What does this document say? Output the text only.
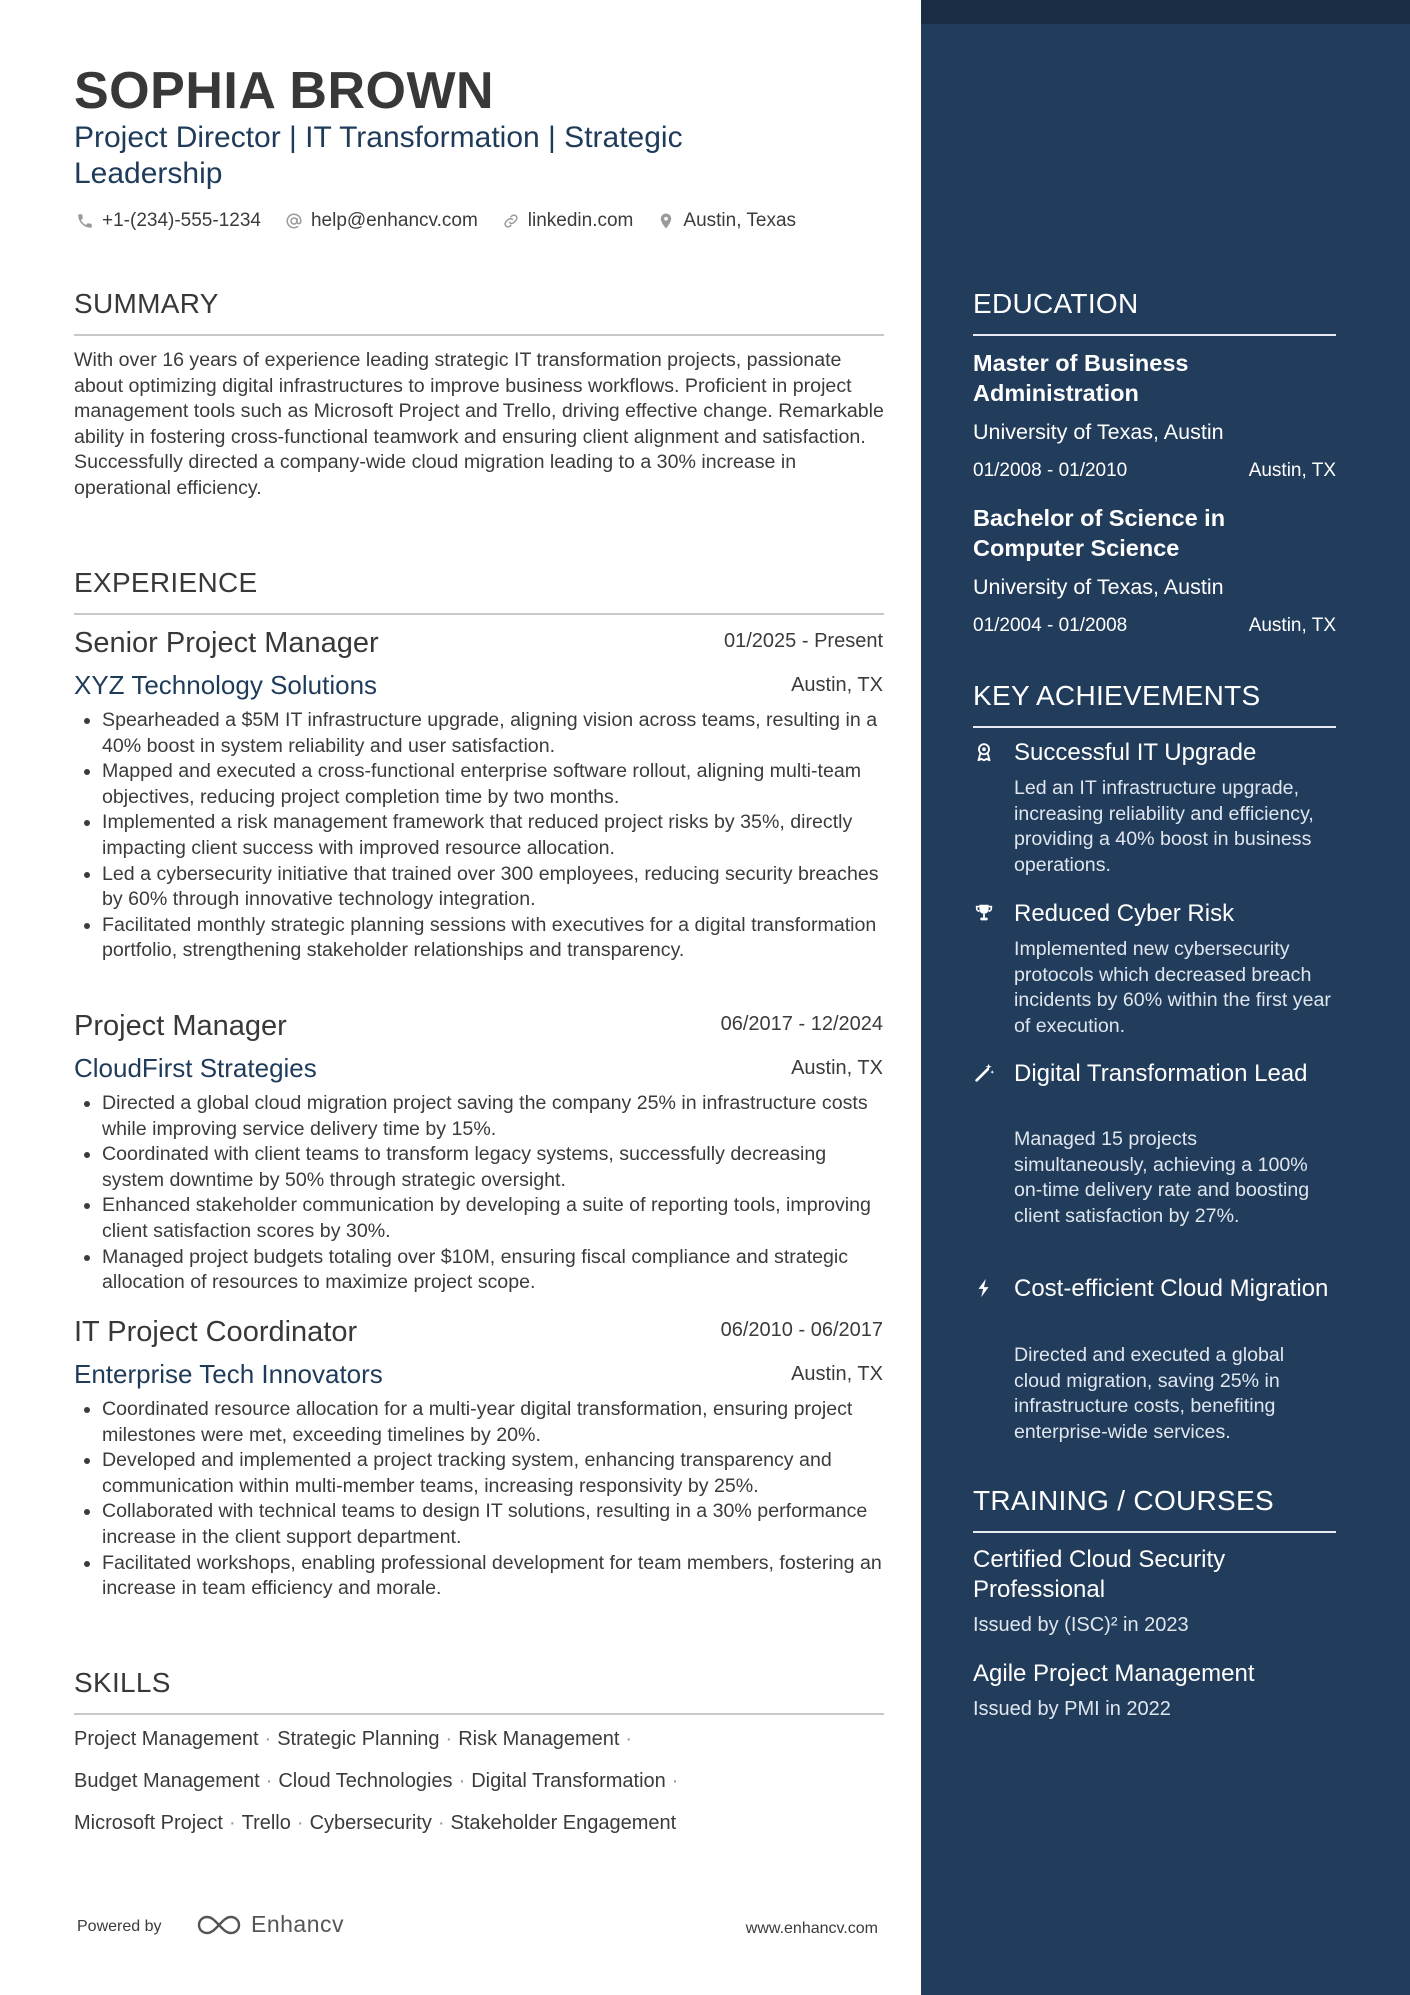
SOPHIA BROWN
Project Director | IT Transformation | Strategic Leadership
+1-(234)-555-1234	help@enhancv.com	linkedin.com	Austin, Texas
SUMMARY
With over 16 years of experience leading strategic IT transformation projects, passionate about optimizing digital infrastructures to improve business workflows. Proficient in project management tools such as Microsoft Project and Trello, driving effective change. Remarkable ability in fostering cross-functional teamwork and ensuring client alignment and satisfaction. Successfully directed a company-wide cloud migration leading to a 30% increase in operational efficiency.
EXPERIENCE
Senior Project Manager	01/2025 - Present
XYZ Technology Solutions	Austin, TX
Spearheaded a $5M IT infrastructure upgrade, aligning vision across teams, resulting in a 40% boost in system reliability and user satisfaction.
Mapped and executed a cross-functional enterprise software rollout, aligning multi-team objectives, reducing project completion time by two months.
Implemented a risk management framework that reduced project risks by 35%, directly impacting client success with improved resource allocation.
Led a cybersecurity initiative that trained over 300 employees, reducing security breaches by 60% through innovative technology integration.
Facilitated monthly strategic planning sessions with executives for a digital transformation portfolio, strengthening stakeholder relationships and transparency.
Project Manager	06/2017 - 12/2024
CloudFirst Strategies	Austin, TX
Directed a global cloud migration project saving the company 25% in infrastructure costs while improving service delivery time by 15%.
Coordinated with client teams to transform legacy systems, successfully decreasing system downtime by 50% through strategic oversight.
Enhanced stakeholder communication by developing a suite of reporting tools, improving client satisfaction scores by 30%.
Managed project budgets totaling over $10M, ensuring fiscal compliance and strategic allocation of resources to maximize project scope.
IT Project Coordinator	06/2010 - 06/2017
Enterprise Tech Innovators	Austin, TX
Coordinated resource allocation for a multi-year digital transformation, ensuring project milestones were met, exceeding timelines by 20%.
Developed and implemented a project tracking system, enhancing transparency and communication within multi-member teams, increasing responsivity by 25%.
Collaborated with technical teams to design IT solutions, resulting in a 30% performance increase in the client support department.
Facilitated workshops, enabling professional development for team members, fostering an increase in team efficiency and morale.
SKILLS
Project Management · Strategic Planning · Risk Management ·
Budget Management · Cloud Technologies · Digital Transformation ·
Microsoft Project · Trello · Cybersecurity · Stakeholder Engagement
Powered by	Enhancv	www.enhancv.com
EDUCATION
Master of Business Administration
University of Texas, Austin
01/2008 - 01/2010	Austin, TX
Bachelor of Science in Computer Science
University of Texas, Austin
01/2004 - 01/2008	Austin, TX
KEY ACHIEVEMENTS
Successful IT Upgrade
Led an IT infrastructure upgrade, increasing reliability and efficiency, providing a 40% boost in business operations.
Reduced Cyber Risk
Implemented new cybersecurity protocols which decreased breach incidents by 60% within the first year of execution.
Digital Transformation Lead
Managed 15 projects simultaneously, achieving a 100% on-time delivery rate and boosting client satisfaction by 27%.
Cost-efficient Cloud Migration
Directed and executed a global cloud migration, saving 25% in infrastructure costs, benefiting enterprise-wide services.
TRAINING / COURSES
Certified Cloud Security Professional
Issued by (ISC)² in 2023
Agile Project Management
Issued by PMI in 2022
